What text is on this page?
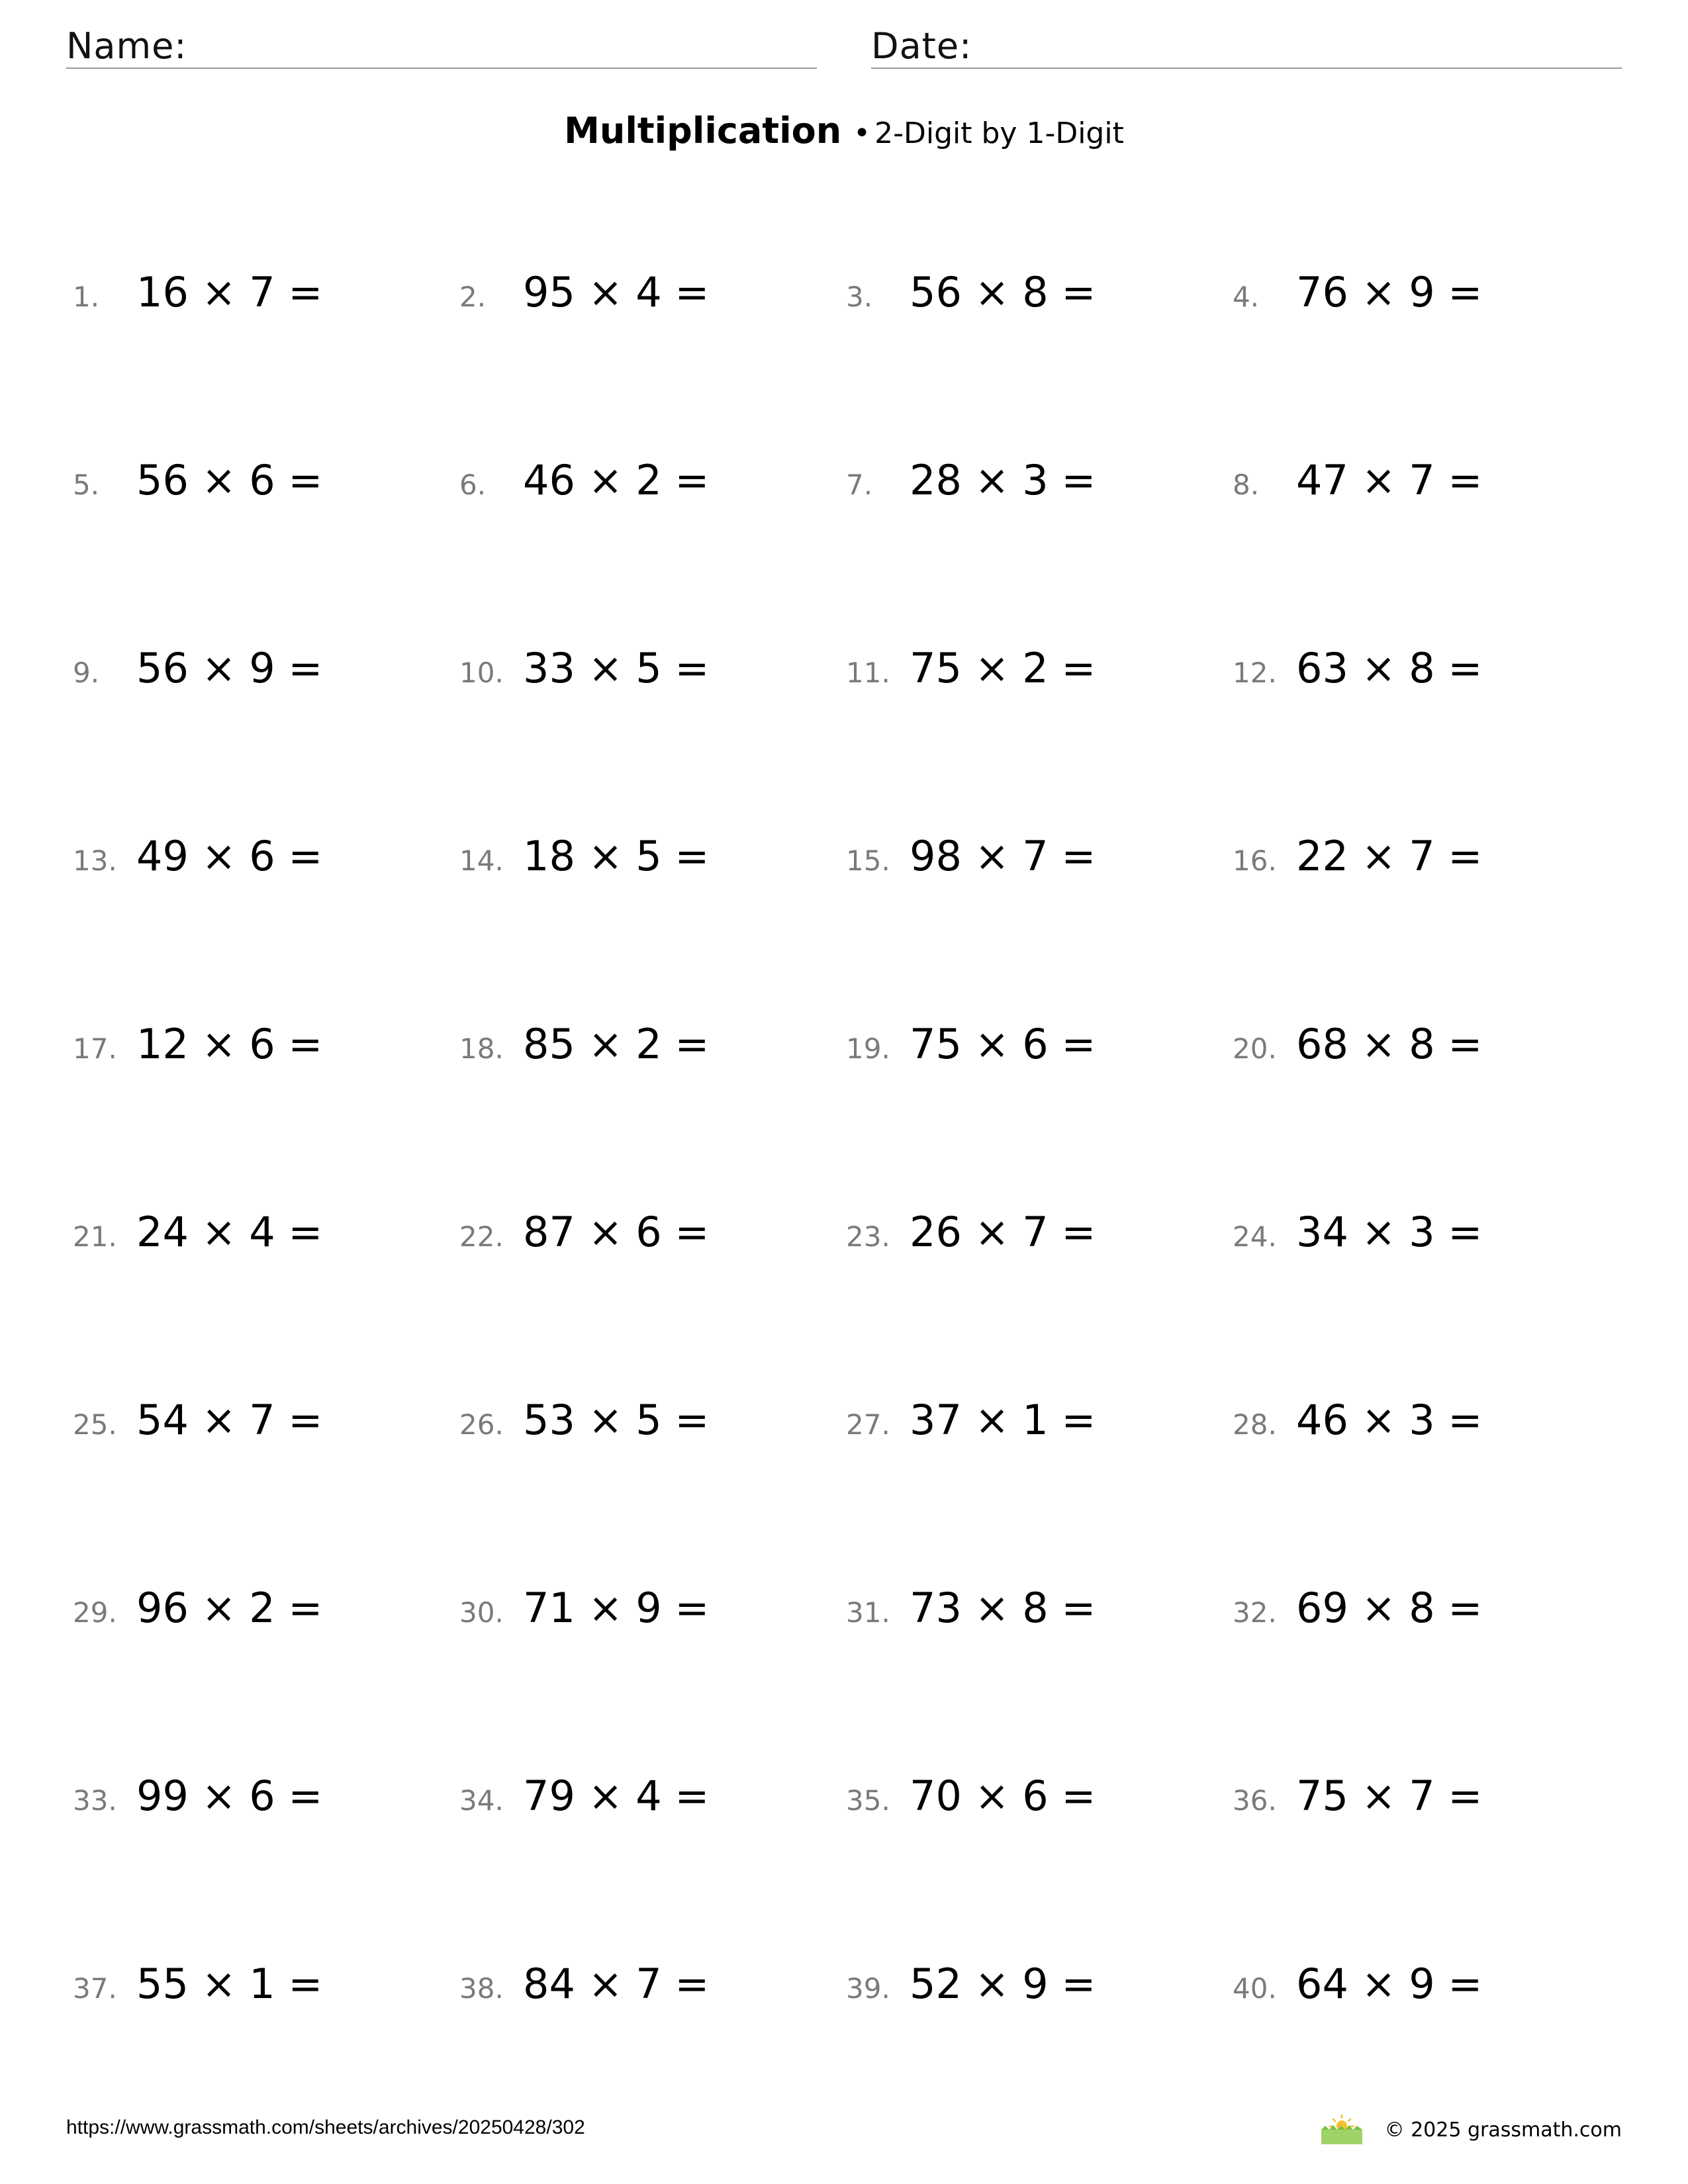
Name:	Date:
Multiplication • 2-Digit by 1-Digit
1. 16 × 7 =	2. 95 × 4 =	3. 56 × 8 =	4. 76 × 9 =
5. 56 × 6 =	6. 46 × 2 =	7. 28 × 3 =	8. 47 × 7 =
9. 56 × 9 =	10. 33 × 5 =	11. 75 × 2 =	12. 63 × 8 =
13. 49 × 6 =	14. 18 × 5 =	15. 98 × 7 =	16. 22 × 7 =
17. 12 × 6 =	18. 85 × 2 =	19. 75 × 6 =	20. 68 × 8 =
21. 24 × 4 =	22. 87 × 6 =	23. 26 × 7 =	24. 34 × 3 =
25. 54 × 7 =	26. 53 × 5 =	27. 37 × 1 =	28. 46 × 3 =
29. 96 × 2 =	30. 71 × 9 =	31. 73 × 8 =	32. 69 × 8 =
33. 99 × 6 =	34. 79 × 4 =	35. 70 × 6 =	36. 75 × 7 =
37. 55 × 1 =	38. 84 × 7 =	39. 52 × 9 =	40. 64 × 9 =
https://www.grassmath.com/sheets/archives/20250428/302	© 2025 grassmath.com
